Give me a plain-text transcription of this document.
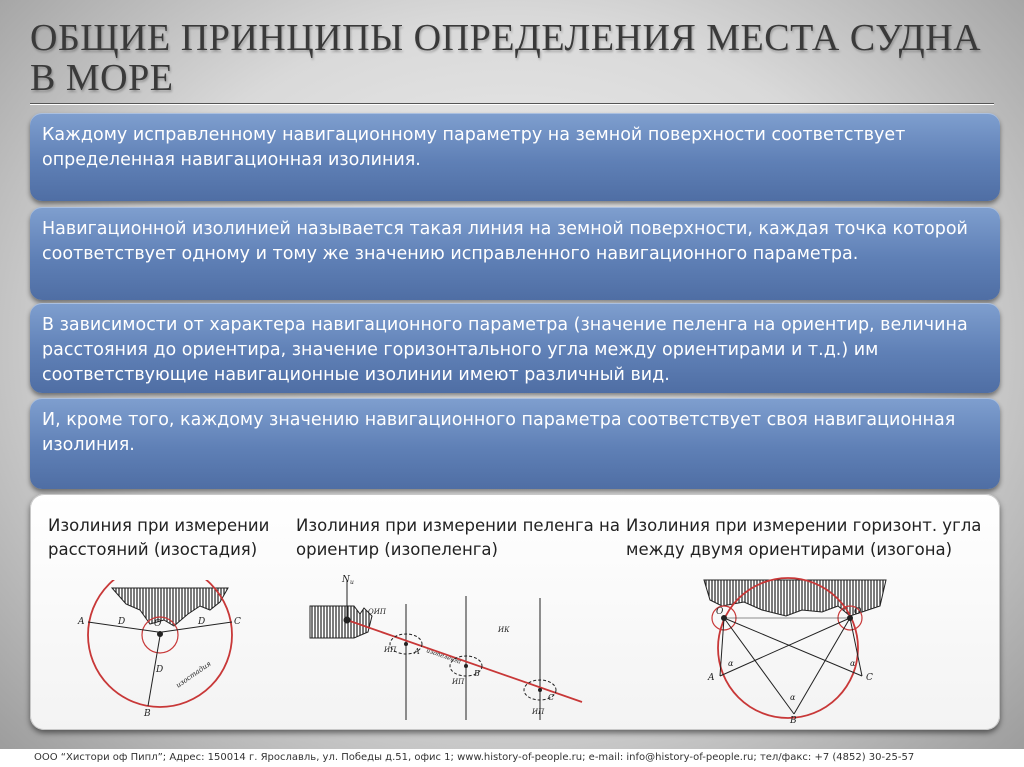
ОБЩИЕ ПРИНЦИПЫ ОПРЕДЕЛЕНИЯ МЕСТА СУДНА В МОРЕ
Каждому исправленному навигационному параметру на земной поверхности соответствует определенная навигационная изолиния.
Навигационной изолинией называется такая линия на земной поверхности, каждая точка которой соответствует одному и тому же значению исправленного навигационного параметра.
В зависимости от характера навигационного параметра (значение пеленга на ориентир, величина расстояния до ориентира, значение горизонтального угла между ориентирами и т.д.) им соответствующие навигационные изолинии имеют различный вид.
И, кроме того, каждому значению навигационного параметра соответствует своя навигационная изолиния.
Изолиния при измерении расстояний (изостадия)
Изолиния при измерении пеленга на ориентир (изопеленга)
Изолиния при измерении горизонт. угла между двумя ориентирами (изогона)
A	D	O	D	C
D
B
изостадия
N и
ОИП
ИК
ИП
ИП
ИП
A
B
C
изопеленга
O	O
A	C
B
α	α
α
ООО “Хистори оф Пипл”; Адрес: 150014 г. Ярославль, ул. Победы д.51, офис 1; www.history-of-people.ru; e-mail: info@history-of-people.ru; тел/факс: +7 (4852) 30-25-57
